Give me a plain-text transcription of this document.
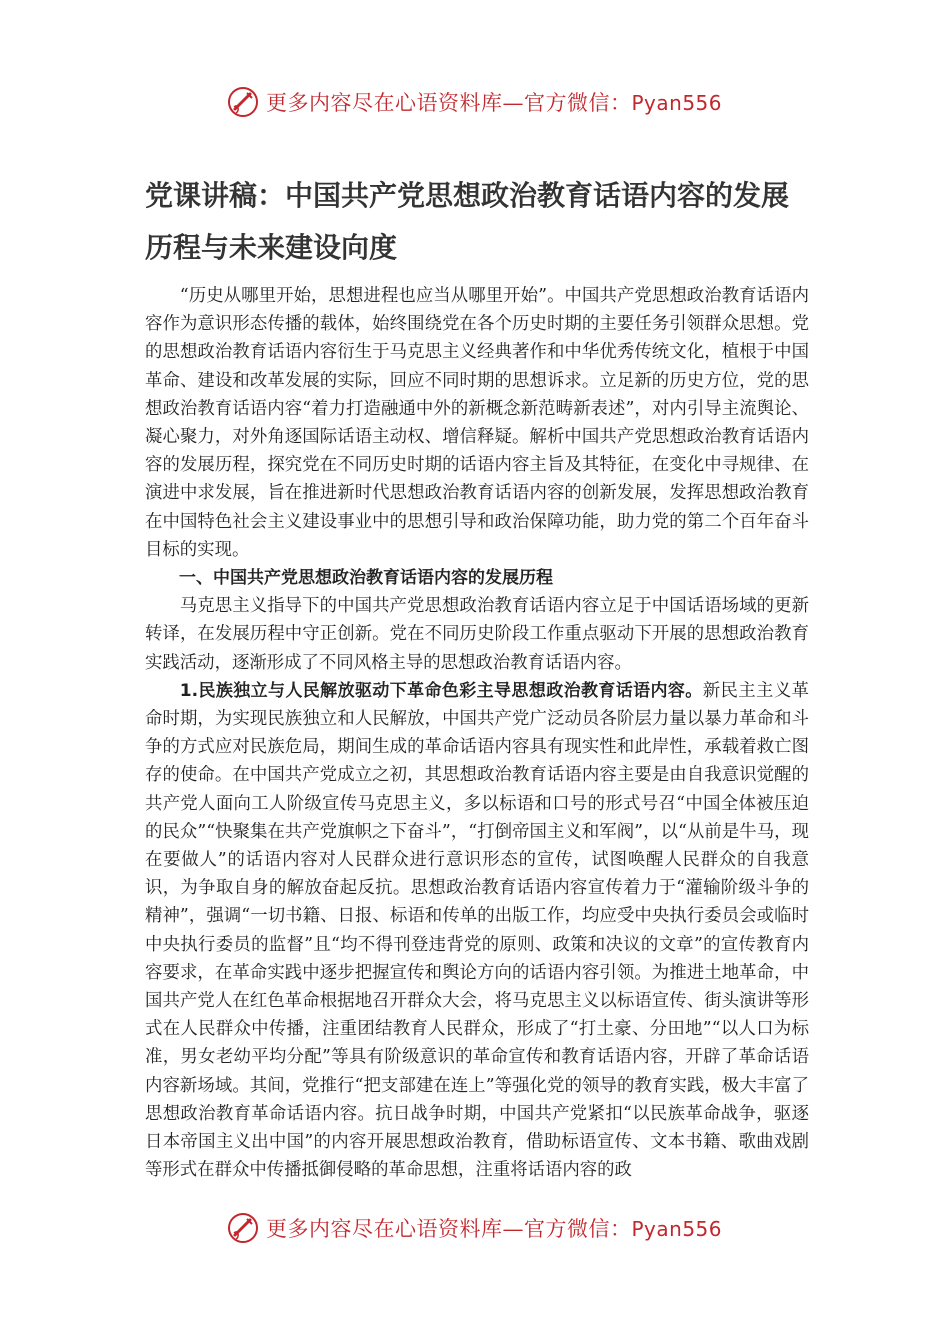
更多内容尽在心语资料库—官方微信：Pyan556
党课讲稿：中国共产党思想政治教育话语内容的发展历程与未来建设向度

“历史从哪里开始，思想进程也应当从哪里开始”。中国共产党思想政治教育话语内容作为意识形态传播的载体，始终围绕党在各个历史时期的主要任务引领群众思想。党的思想政治教育话语内容衍生于马克思主义经典著作和中华优秀传统文化，植根于中国革命、建设和改革发展的实际，回应不同时期的思想诉求。立足新的历史方位，党的思想政治教育话语内容“着力打造融通中外的新概念新范畴新表述”，对内引导主流舆论、凝心聚力，对外角逐国际话语主动权、增信释疑。解析中国共产党思想政治教育话语内容的发展历程，探究党在不同历史时期的话语内容主旨及其特征，在变化中寻规律、在演进中求发展，旨在推进新时代思想政治教育话语内容的创新发展，发挥思想政治教育在中国特色社会主义建设事业中的思想引导和政治保障功能，助力党的第二个百年奋斗目标的实现。

一、中国共产党思想政治教育话语内容的发展历程

马克思主义指导下的中国共产党思想政治教育话语内容立足于中国话语场域的更新转译，在发展历程中守正创新。党在不同历史阶段工作重点驱动下开展的思想政治教育实践活动，逐渐形成了不同风格主导的思想政治教育话语内容。

1.民族独立与人民解放驱动下革命色彩主导思想政治教育话语内容。新民主主义革命时期，为实现民族独立和人民解放，中国共产党广泛动员各阶层力量以暴力革命和斗争的方式应对民族危局，期间生成的革命话语内容具有现实性和此岸性，承载着救亡图存的使命。在中国共产党成立之初，其思想政治教育话语内容主要是由自我意识觉醒的共产党人面向工人阶级宣传马克思主义，多以标语和口号的形式号召“中国全体被压迫的民众”“快聚集在共产党旗帜之下奋斗”，“打倒帝国主义和军阀”，以“从前是牛马，现在要做人”的话语内容对人民群众进行意识形态的宣传，试图唤醒人民群众的自我意识，为争取自身的解放奋起反抗。思想政治教育话语内容宣传着力于“灌输阶级斗争的精神”，强调“一切书籍、日报、标语和传单的出版工作，均应受中央执行委员会或临时中央执行委员的监督”且“均不得刊登违背党的原则、政策和决议的文章”的宣传教育内容要求，在革命实践中逐步把握宣传和舆论方向的话语内容引领。为推进土地革命，中国共产党人在红色革命根据地召开群众大会，将马克思主义以标语宣传、街头演讲等形式在人民群众中传播，注重团结教育人民群众，形成了“打土豪、分田地”“以人口为标准，男女老幼平均分配”等具有阶级意识的革命宣传和教育话语内容，开辟了革命话语内容新场域。其间，党推行“把支部建在连上”等强化党的领导的教育实践，极大丰富了思想政治教育革命话语内容。抗日战争时期，中国共产党紧扣“以民族革命战争，驱逐日本帝国主义出中国”的内容开展思想政治教育，借助标语宣传、文本书籍、歌曲戏剧等形式在群众中传播抵御侵略的革命思想，注重将话语内容的政

更多内容尽在心语资料库—官方微信：Pyan556
